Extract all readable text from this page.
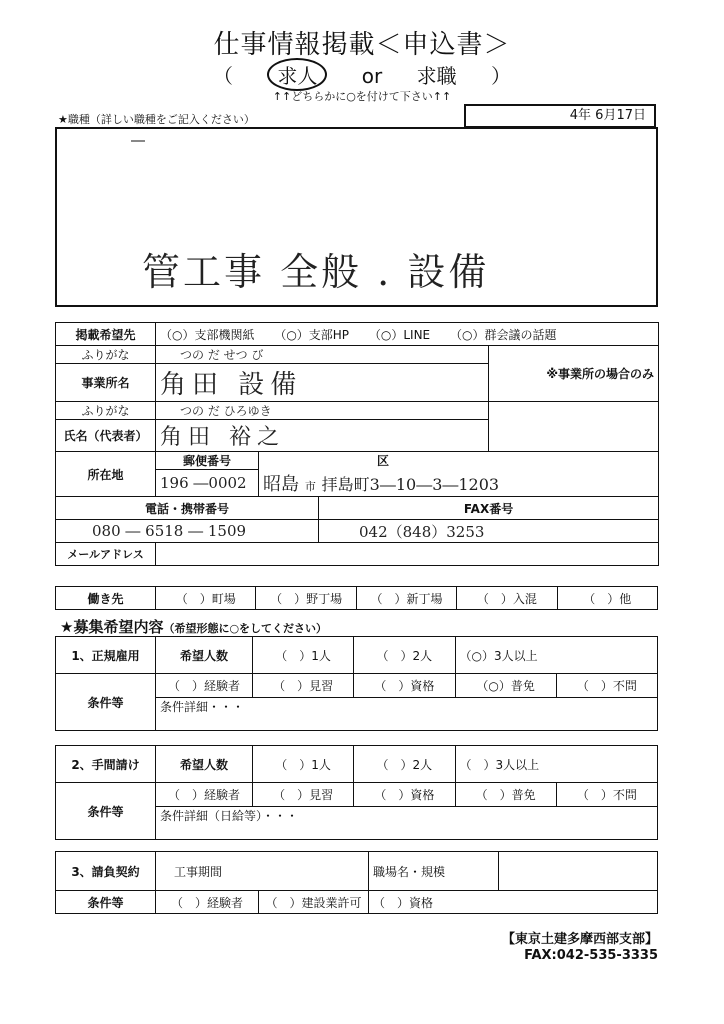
仕事情報掲載＜申込書＞
（ 求人 or 求職 ）
↑↑どちらかに○を付けて下さい↑↑
★職種（詳しい職種をご記入ください）	4年 6月17日
―
管工事 全般 . 設備
掲載希望先	（○）支部機関紙 （○）支部HP （○）LINE （○）群会議の話題			
ふりがな	つの だ せつ び			※事業所の場合のみ
事業所名	角田 設備			
ふりがな	つの だ ひろゆき			
氏名（代表者）	角田 裕之			
所在地	郵便番号	区		
	196 ―0002	昭島 市 拝島町3―10―3―1203		
電話・携帯番号			FAX番号	
080 ― 6518 ― 1509			042（848）3253	
メールアドレス				
働き先	（　）町場	（　）野丁場	（　）新丁場	（　）入混	（　）他
★募集希望内容（希望形態に○をしてください）
1、正規雇用	希望人数	（　）1人	（　）2人	（○）3人以上	
条件等	（　）経験者	（　）見習	（　）資格	（○）普免	（　）不問
	条件詳細・・・				
2、手間請け	希望人数	（　）1人	（　）2人	（　）3人以上	
条件等	（　）経験者	（　）見習	（　）資格	（　）普免	（　）不問
	条件詳細（日給等）・・・				
3、請負契約	工事期間		職場名・規模	
条件等	（　）経験者	（　）建設業許可	（　）資格	
【東京土建多摩西部支部】
FAX:042-535-3335
